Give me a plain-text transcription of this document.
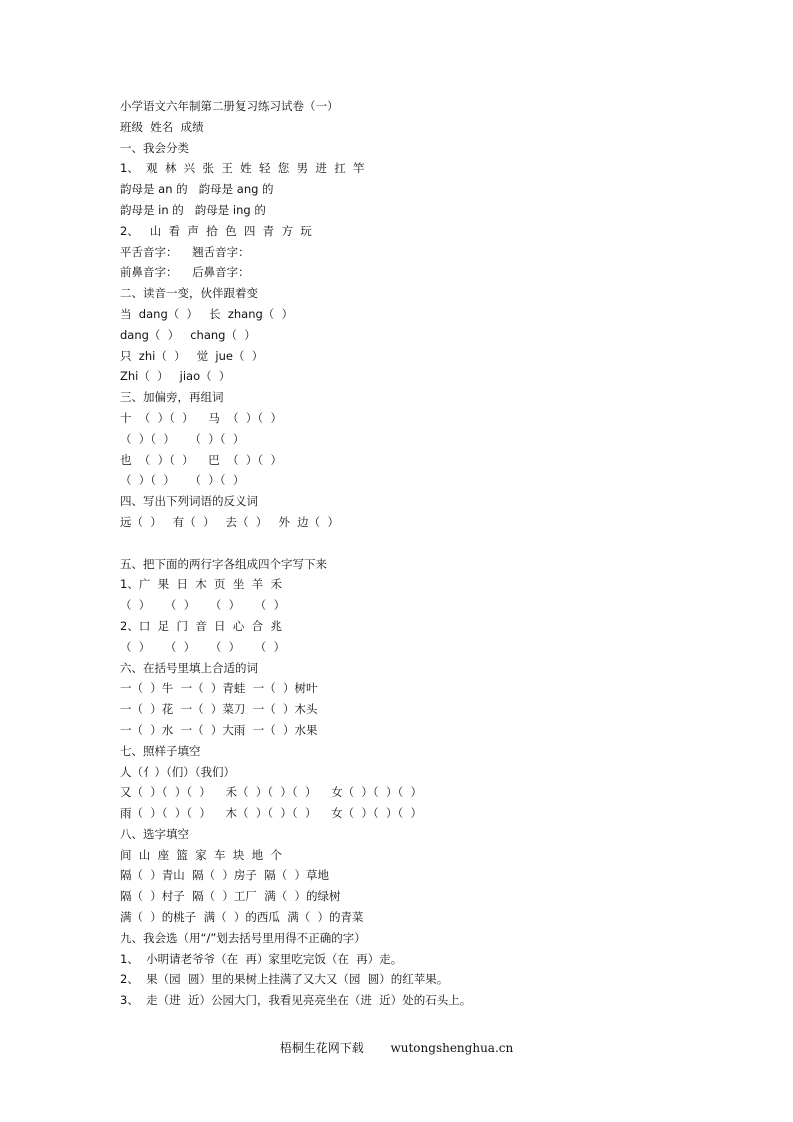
小学语文六年制第二册复习练习试卷（一）
班级  姓名  成绩
一、我会分类
1、  观  林  兴  张  王  姓  轻  您  男  进  扛  竿
韵母是 an 的   韵母是 ang 的
韵母是 in 的   韵母是 ing 的
2、   山  看  声  拾  色  四  青  方  玩
平舌音字：    翘舌音字：
前鼻音字：    后鼻音字：
二、读音一变，伙伴跟着变
当  dang（  ）   长  zhang（  ）
dang（  ）   chang（  ）
只  zhi（  ）   觉  jue（  ）
Zhi（  ）   jiao（  ）
三、加偏旁，再组词
十  （  ）（  ）    马  （  ）（  ）
（  ）（  ）    （  ）（  ）
也  （  ）（  ）    巴  （  ）（  ）
（  ）（  ）    （  ）（  ）
四、写出下列词语的反义词
远（  ）   有（  ）   去（  ）   外  边（  ）
五、把下面的两行字各组成四个字写下来
1、广  果  日  木  页  坐  羊  禾
（  ）    （  ）    （  ）    （  ）
2、口  足  门  音  日  心  合  兆
（  ）    （  ）    （  ）    （  ）
六、在括号里填上合适的词
一（  ）牛  一（  ）青蛙  一（  ）树叶
一（  ）花  一（  ）菜刀  一（  ）木头
一（  ）水  一（  ）大雨  一（  ）水果
七、照样子填空
人（亻）（们）（我们）
又（  ）（  ）（  ）    禾（  ）（  ）（  ）    女（  ）（  ）（  ）
雨（  ）（  ）（  ）    木（  ）（  ）（  ）    女（  ）（  ）（  ）
八、选字填空
间  山  座  篮  家  车  块  地  个
隔（  ）青山  隔（  ）房子  隔（  ）草地
隔（  ）村子  隔（  ）工厂  满（  ）的绿树
满（  ）的桃子  满（  ）的西瓜  满（  ）的青菜
九、我会选（用“/”划去括号里用得不正确的字）
1、  小明请老爷爷（在  再）家里吃完饭（在  再）走。
2、  果（园  圆）里的果树上挂满了又大又（园  圆）的红苹果。
3、  走（进  近）公园大门，我看见亮亮坐在（进  近）处的石头上。
梧桐生花网下载       wutongshenghua.cn
